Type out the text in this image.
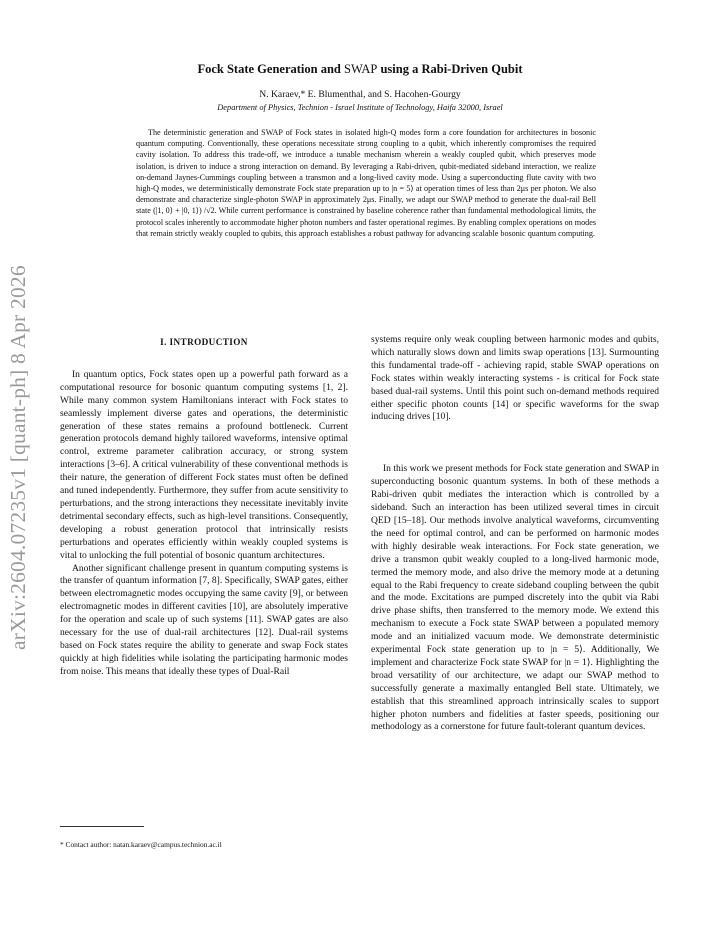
arXiv:2604.07235v1 [quant-ph] 8 Apr 2026
Fock State Generation and SWAP using a Rabi-Driven Qubit
N. Karaev,* E. Blumenthal, and S. Hacohen-Gourgy
Department of Physics, Technion - Israel Institute of Technology, Haifa 32000, Israel
The deterministic generation and SWAP of Fock states in isolated high-Q modes form a core foundation for architectures in bosonic quantum computing. Conventionally, these operations necessitate strong coupling to a qubit, which inherently compromises the required cavity isolation. To address this trade-off, we introduce a tunable mechanism wherein a weakly coupled qubit, which preserves mode isolation, is driven to induce a strong interaction on demand. By leveraging a Rabi-driven, qubit-mediated sideband interaction, we realize on-demand Jaynes-Cummings coupling between a transmon and a long-lived cavity mode. Using a superconducting flute cavity with two high-Q modes, we deterministically demonstrate Fock state preparation up to |n = 5⟩ at operation times of less than 2μs per photon. We also demonstrate and characterize single-photon SWAP in approximately 2μs. Finally, we adapt our SWAP method to generate the dual-rail Bell state (|1, 0⟩ + |0, 1⟩) /√2. While current performance is constrained by baseline coherence rather than fundamental methodological limits, the protocol scales inherently to accommodate higher photon numbers and faster operational regimes. By enabling complex operations on modes that remain strictly weakly coupled to qubits, this approach establishes a robust pathway for advancing scalable bosonic quantum computing.
I. INTRODUCTION

In quantum optics, Fock states open up a powerful path forward as a computational resource for bosonic quantum computing systems [1, 2]. While many common system Hamiltonians interact with Fock states to seamlessly implement diverse gates and operations, the deterministic generation of these states remains a profound bottleneck. Current generation protocols demand highly tailored waveforms, intensive optimal control, extreme parameter calibration accuracy, or strong system interactions [3–6]. A critical vulnerability of these conventional methods is their nature, the generation of different Fock states must often be defined and tuned independently. Furthermore, they suffer from acute sensitivity to perturbations, and the strong interactions they necessitate inevitably invite detrimental secondary effects, such as high-level transitions. Consequently, developing a robust generation protocol that intrinsically resists perturbations and operates efficiently within weakly coupled systems is vital to unlocking the full potential of bosonic quantum architectures.

Another significant challenge present in quantum computing systems is the transfer of quantum information [7, 8]. Specifically, SWAP gates, either between electromagnetic modes occupying the same cavity [9], or between electromagnetic modes in different cavities [10], are absolutely imperative for the operation and scale up of such systems [11]. SWAP gates are also necessary for the use of dual-rail architectures [12]. Dual-rail systems based on Fock states require the ability to generate and swap Fock states quickly at high fidelities while isolating the participating harmonic modes from noise. This means that ideally these types of Dual-Rail

systems require only weak coupling between harmonic modes and qubits, which naturally slows down and limits swap operations [13]. Surmounting this fundamental trade-off - achieving rapid, stable SWAP operations on Fock states within weakly interacting systems - is critical for Fock state based dual-rail systems. Until this point such on-demand methods required either specific photon counts [14] or specific waveforms for the swap inducing drives [10].

In this work we present methods for Fock state generation and SWAP in superconducting bosonic quantum systems. In both of these methods a Rabi-driven qubit mediates the interaction which is controlled by a sideband. Such an interaction has been utilized several times in circuit QED [15–18]. Our methods involve analytical waveforms, circumventing the need for optimal control, and can be performed on harmonic modes with highly desirable weak interactions. For Fock state generation, we drive a transmon qubit weakly coupled to a long-lived harmonic mode, termed the memory mode, and also drive the memory mode at a detuning equal to the Rabi frequency to create sideband coupling between the qubit and the mode. Excitations are pumped discretely into the qubit via Rabi drive phase shifts, then transferred to the memory mode. We extend this mechanism to execute a Fock state SWAP between a populated memory mode and an initialized vacuum mode. We demonstrate deterministic experimental Fock state generation up to |n = 5⟩. Additionally, We implement and characterize Fock state SWAP for |n = 1⟩. Highlighting the broad versatility of our architecture, we adapt our SWAP method to successfully generate a maximally entangled Bell state. Ultimately, we establish that this streamlined approach intrinsically scales to support higher photon numbers and fidelities at faster speeds, positioning our methodology as a cornerstone for future fault-tolerant quantum devices.

* Contact author: natan.karaev@campus.technion.ac.il
